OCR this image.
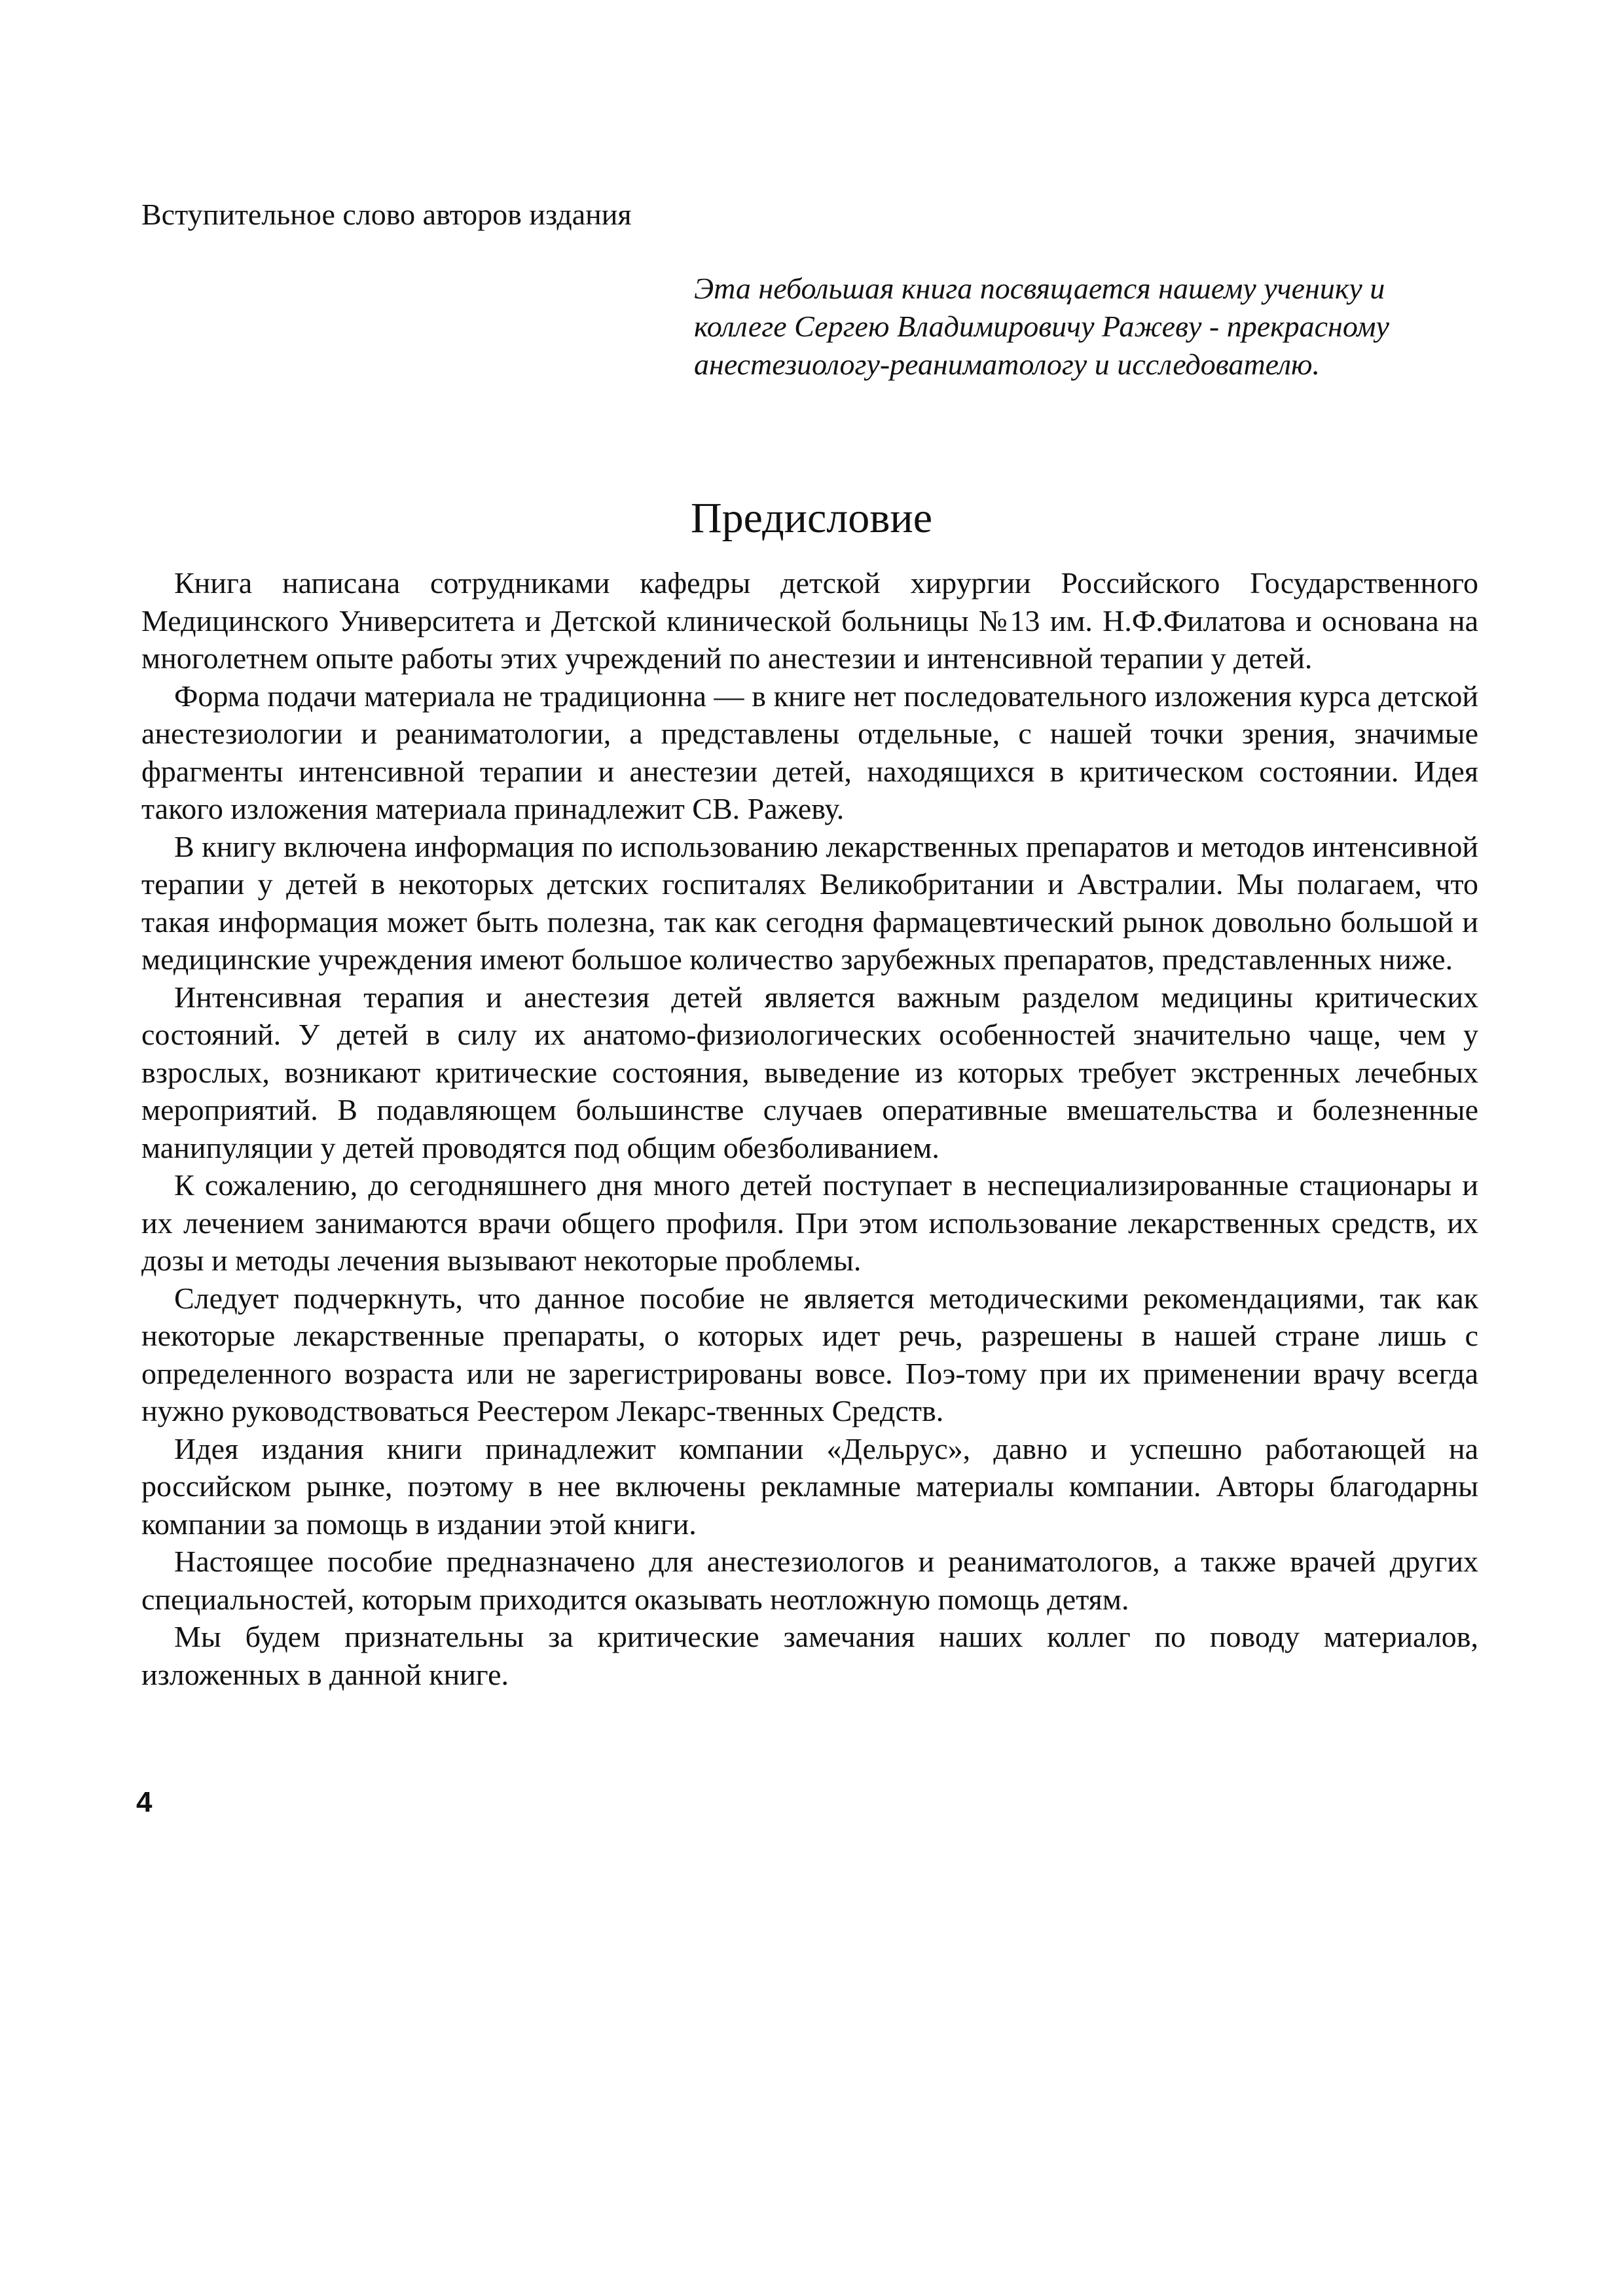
Вступительное слово авторов издания
Эта небольшая книга посвящается нашему ученику и
коллеге Сергею Владимировичу Ражеву - прекрасному
анестезиологу-реаниматологу и исследователю.
Предисловие

Книга написана сотрудниками кафедры детской хирургии Российского Государственного Медицинского Университета и Детской клинической больницы №13 им. Н.Ф.Филатова и основана на многолетнем опыте работы этих учреждений по анестезии и интенсивной терапии у детей.

Форма подачи материала не традиционна — в книге нет последовательного изложения курса детской анестезиологии и реаниматологии, а представлены отдельные, с нашей точки зрения, значимые фрагменты интенсивной терапии и анестезии детей, находящихся в критическом состоянии. Идея такого изложения материала принадлежит СВ. Ражеву.

В книгу включена информация по использованию лекарственных препаратов и методов интенсивной терапии у детей в некоторых детских госпиталях Великобритании и Австралии. Мы полагаем, что такая информация может быть полезна, так как сегодня фармацевтический рынок довольно большой и медицинские учреждения имеют большое количество зарубежных препаратов, представленных ниже.

Интенсивная терапия и анестезия детей является важным разделом медицины критических состояний. У детей в силу их анатомо-физиологических особенностей значительно чаще, чем у взрослых, возникают критические состояния, выведение из которых требует экстренных лечебных мероприятий. В подавляющем большинстве случаев оперативные вмешательства и болезненные манипуляции у детей проводятся под общим обезболиванием.

К сожалению, до сегодняшнего дня много детей поступает в неспециализированные стационары и их лечением занимаются врачи общего профиля. При этом использование лекарственных средств, их дозы и методы лечения вызывают некоторые проблемы.

Следует подчеркнуть, что данное пособие не является методическими рекомендациями, так как некоторые лекарственные препараты, о которых идет речь, разрешены в нашей стране лишь с определенного возраста или не зарегистрированы вовсе. Поэ-тому при их применении врачу всегда нужно руководствоваться Реестером Лекарс-твенных Средств.

Идея издания книги принадлежит компании «Дельрус», давно и успешно работающей на российском рынке, поэтому в нее включены рекламные материалы компании. Авторы благодарны компании за помощь в издании этой книги.

Настоящее пособие предназначено для анестезиологов и реаниматологов, а также врачей других специальностей, которым приходится оказывать неотложную помощь детям.

Мы будем признательны за критические замечания наших коллег по поводу материалов, изложенных в данной книге.

4
